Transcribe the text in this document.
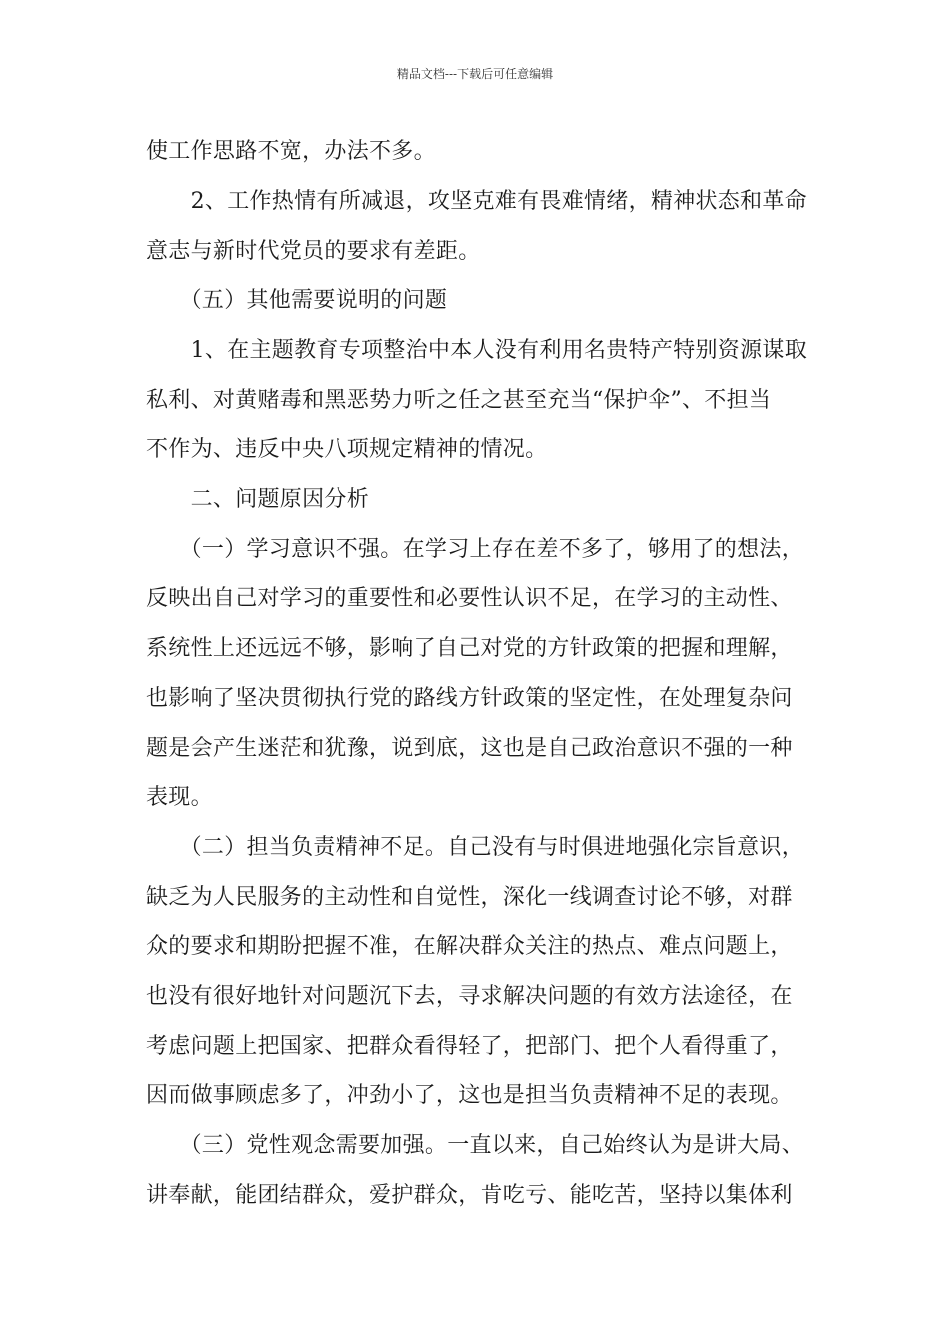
精品文档---下载后可任意编辑
使工作思路不宽，办法不多。
　　2、工作热情有所减退，攻坚克难有畏难情绪，精神状态和革命
意志与新时代党员的要求有差距。
　　（五）其他需要说明的问题
　　1、在主题教育专项整治中本人没有利用名贵特产特别资源谋取
私利、对黄赌毒和黑恶势力听之任之甚至充当“保护伞”、不担当
不作为、违反中央八项规定精神的情况。
　　二、问题原因分析
　　（一）学习意识不强。在学习上存在差不多了，够用了的想法，
反映出自己对学习的重要性和必要性认识不足，在学习的主动性、
系统性上还远远不够，影响了自己对党的方针政策的把握和理解，
也影响了坚决贯彻执行党的路线方针政策的坚定性，在处理复杂问
题是会产生迷茫和犹豫，说到底，这也是自己政治意识不强的一种
表现。
　　（二）担当负责精神不足。自己没有与时俱进地强化宗旨意识，
缺乏为人民服务的主动性和自觉性，深化一线调查讨论不够，对群
众的要求和期盼把握不准，在解决群众关注的热点、难点问题上，
也没有很好地针对问题沉下去，寻求解决问题的有效方法途径，在
考虑问题上把国家、把群众看得轻了，把部门、把个人看得重了，
因而做事顾虑多了，冲劲小了，这也是担当负责精神不足的表现。
　　（三）党性观念需要加强。一直以来，自己始终认为是讲大局、
讲奉献，能团结群众，爱护群众，肯吃亏、能吃苦，坚持以集体利
